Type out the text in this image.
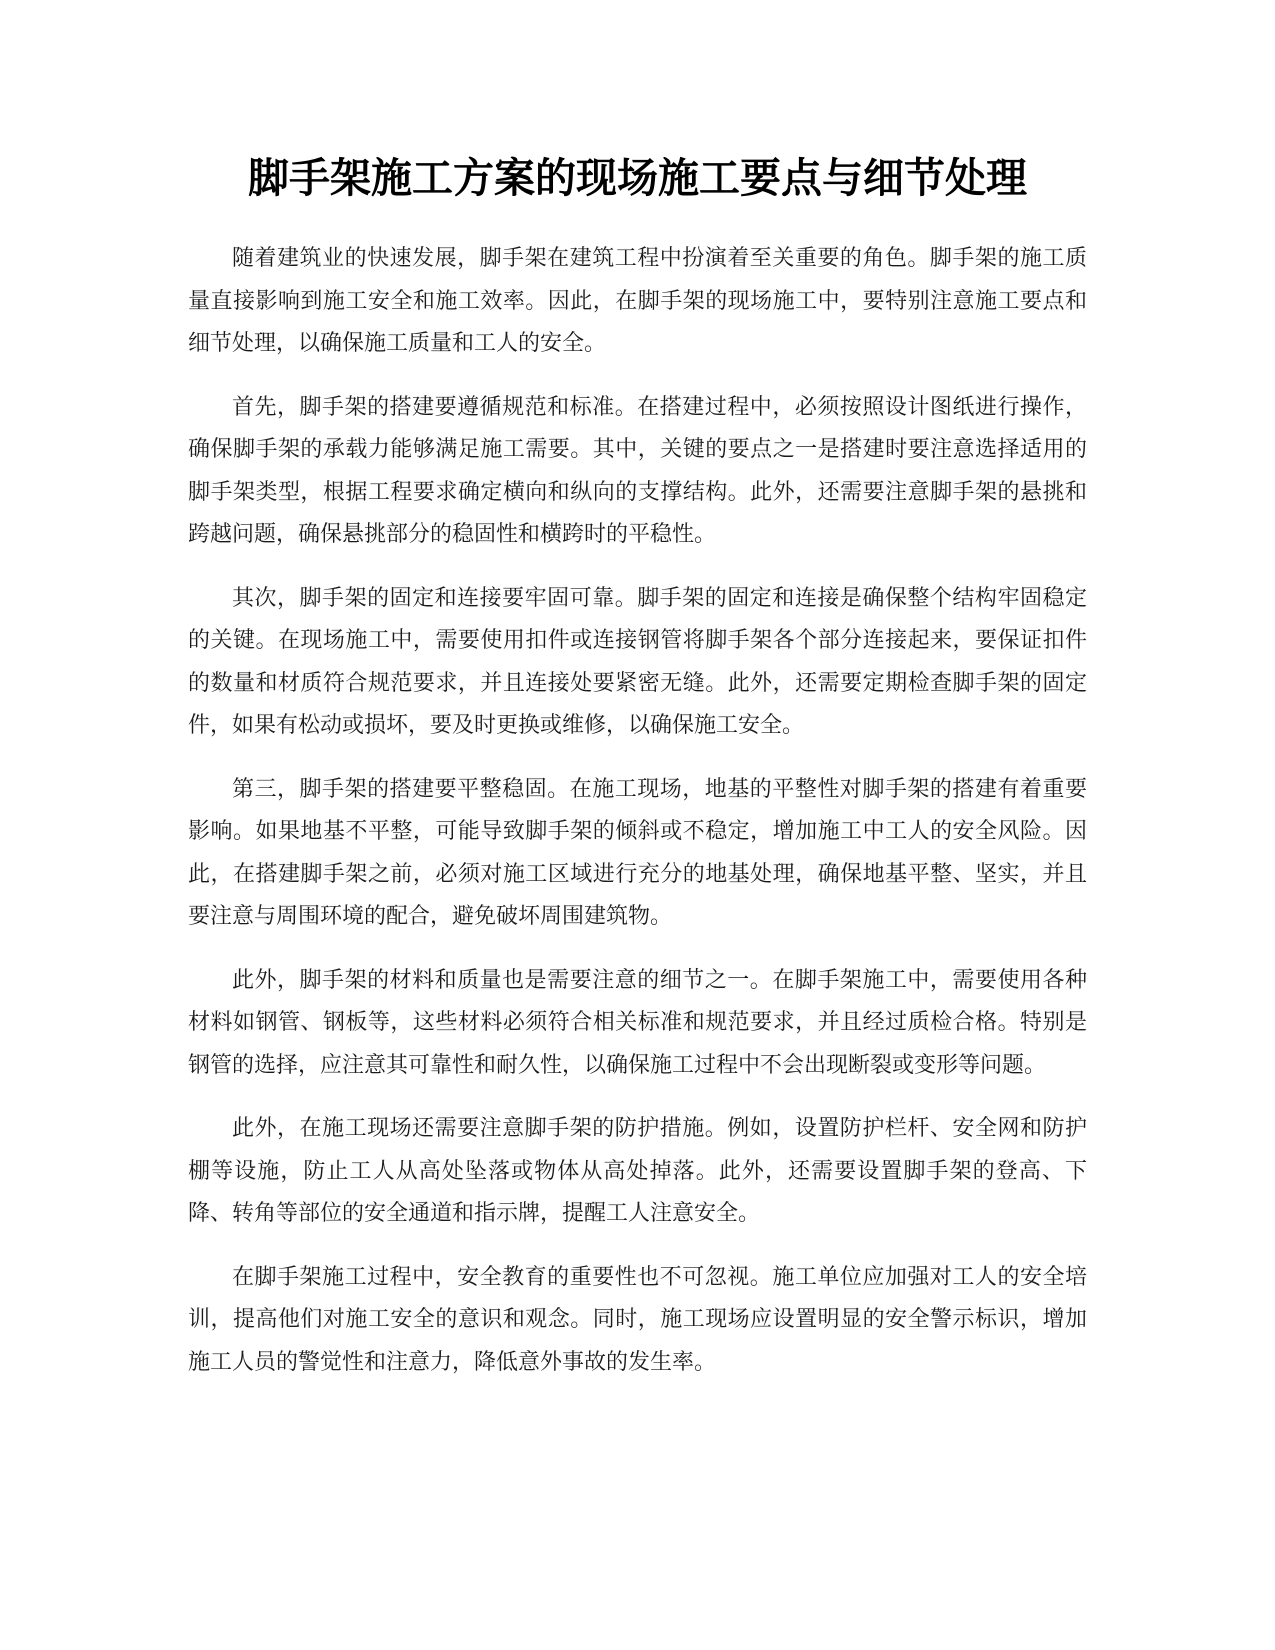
脚手架施工方案的现场施工要点与细节处理

随着建筑业的快速发展，脚手架在建筑工程中扮演着至关重要的角色。脚手架的施工质量直接影响到施工安全和施工效率。因此，在脚手架的现场施工中，要特别注意施工要点和细节处理，以确保施工质量和工人的安全。

首先，脚手架的搭建要遵循规范和标准。在搭建过程中，必须按照设计图纸进行操作，确保脚手架的承载力能够满足施工需要。其中，关键的要点之一是搭建时要注意选择适用的脚手架类型，根据工程要求确定横向和纵向的支撑结构。此外，还需要注意脚手架的悬挑和跨越问题，确保悬挑部分的稳固性和横跨时的平稳性。

其次，脚手架的固定和连接要牢固可靠。脚手架的固定和连接是确保整个结构牢固稳定的关键。在现场施工中，需要使用扣件或连接钢管将脚手架各个部分连接起来，要保证扣件的数量和材质符合规范要求，并且连接处要紧密无缝。此外，还需要定期检查脚手架的固定件，如果有松动或损坏，要及时更换或维修，以确保施工安全。

第三，脚手架的搭建要平整稳固。在施工现场，地基的平整性对脚手架的搭建有着重要影响。如果地基不平整，可能导致脚手架的倾斜或不稳定，增加施工中工人的安全风险。因此，在搭建脚手架之前，必须对施工区域进行充分的地基处理，确保地基平整、坚实，并且要注意与周围环境的配合，避免破坏周围建筑物。

此外，脚手架的材料和质量也是需要注意的细节之一。在脚手架施工中，需要使用各种材料如钢管、钢板等，这些材料必须符合相关标准和规范要求，并且经过质检合格。特别是钢管的选择，应注意其可靠性和耐久性，以确保施工过程中不会出现断裂或变形等问题。

此外，在施工现场还需要注意脚手架的防护措施。例如，设置防护栏杆、安全网和防护棚等设施，防止工人从高处坠落或物体从高处掉落。此外，还需要设置脚手架的登高、下降、转角等部位的安全通道和指示牌，提醒工人注意安全。

在脚手架施工过程中，安全教育的重要性也不可忽视。施工单位应加强对工人的安全培训，提高他们对施工安全的意识和观念。同时，施工现场应设置明显的安全警示标识，增加施工人员的警觉性和注意力，降低意外事故的发生率。
